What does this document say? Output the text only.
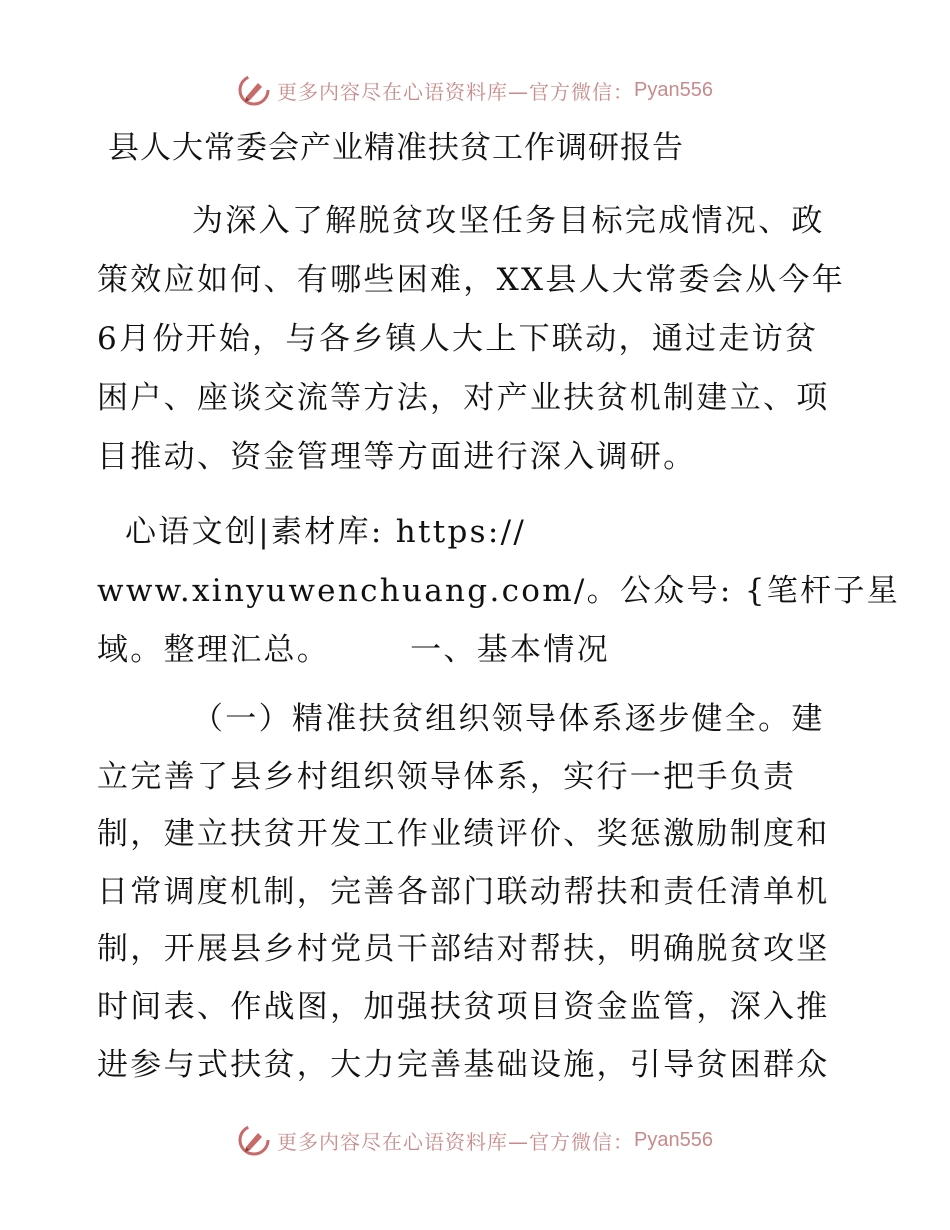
更多内容尽在心语资料库—官方微信： Pyan556
县人大常委会产业精准扶贫工作调研报告
为深入了解脱贫攻坚任务目标完成情况、政
策效应如何、有哪些困难，XX县人大常委会从今年
6月份开始，与各乡镇人大上下联动，通过走访贫
困户、座谈交流等方法，对产业扶贫机制建立、项
目推动、资金管理等方面进行深入调研。
心语文创|素材库: https://
www.xinyuwenchuang.com/。公众号: {笔杆子星
域。整理汇总。	一、基本情况
（一）精准扶贫组织领导体系逐步健全。建
立完善了县乡村组织领导体系，实行一把手负责
制，建立扶贫开发工作业绩评价、奖惩激励制度和
日常调度机制，完善各部门联动帮扶和责任清单机
制，开展县乡村党员干部结对帮扶，明确脱贫攻坚
时间表、作战图，加强扶贫项目资金监管，深入推
进参与式扶贫，大力完善基础设施，引导贫困群众
更多内容尽在心语资料库—官方微信： Pyan556
